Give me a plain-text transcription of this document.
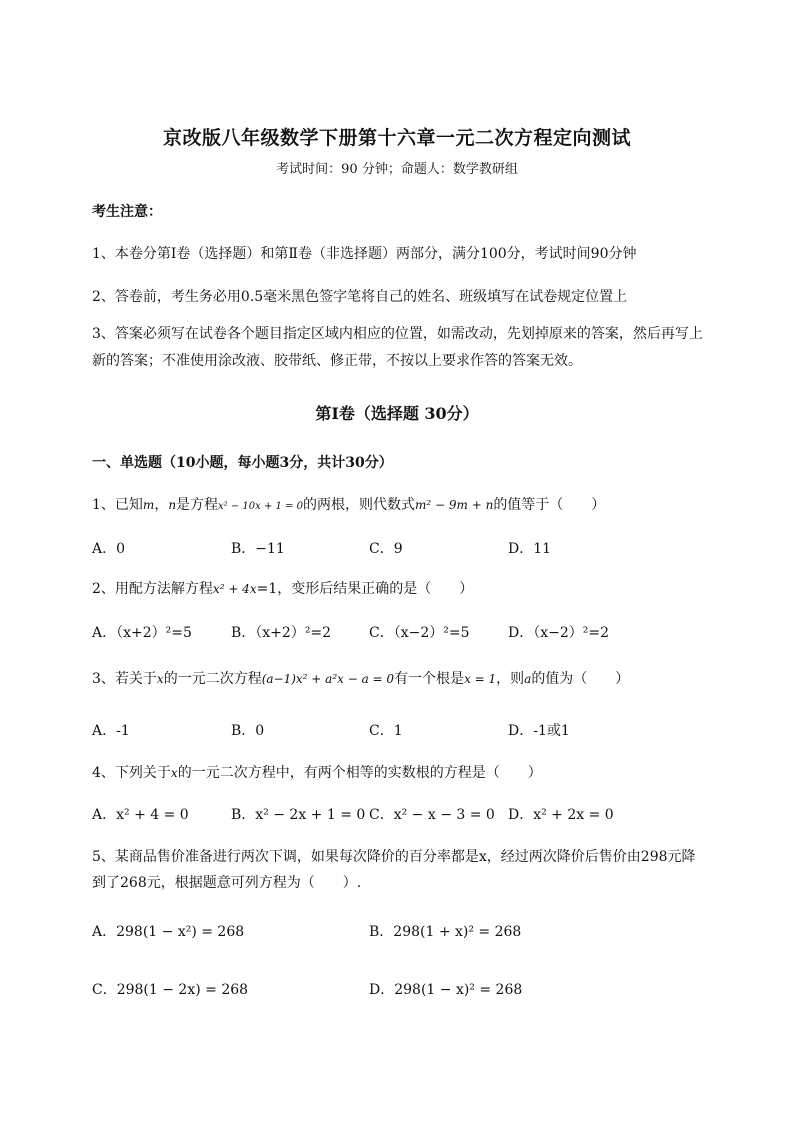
京改版八年级数学下册第十六章一元二次方程定向测试
考试时间：90 分钟；命题人：数学教研组
考生注意：
1、本卷分第Ⅰ卷（选择题）和第Ⅱ卷（非选择题）两部分，满分100分，考试时间90分钟
2、答卷前，考生务必用0.5毫米黑色签字笔将自己的姓名、班级填写在试卷规定位置上
3、答案必须写在试卷各个题目指定区域内相应的位置，如需改动，先划掉原来的答案，然后再写上新的答案；不准使用涂改液、胶带纸、修正带，不按以上要求作答的答案无效。
第Ⅰ卷（选择题 30分）
一、单选题（10小题，每小题3分，共计30分）
1、已知m，n是方程x² − 10x + 1 = 0的两根，则代数式m² − 9m + n的值等于（　　）
A．0	B．−11	C．9	D．11
2、用配方法解方程x² + 4x=1，变形后结果正确的是（　　）
A．（x+2）²=5	B．（x+2）²=2	C．（x−2）²=5	D．（x−2）²=2
3、若关于x的一元二次方程(a−1)x² + a²x − a = 0有一个根是x = 1，则a的值为（　　）
A．-1	B．0	C．1	D．-1或1
4、下列关于x的一元二次方程中，有两个相等的实数根的方程是（　　）
A．x² + 4 = 0	B．x² − 2x + 1 = 0 C．x² − x − 3 = 0 D．x² + 2x = 0
5、某商品售价准备进行两次下调，如果每次降价的百分率都是x，经过两次降价后售价由298元降
到了268元，根据题意可列方程为（　　）.
A．298(1 − x²) = 268	B．298(1 + x)² = 268
C．298(1 − 2x) = 268	D．298(1 − x)² = 268
